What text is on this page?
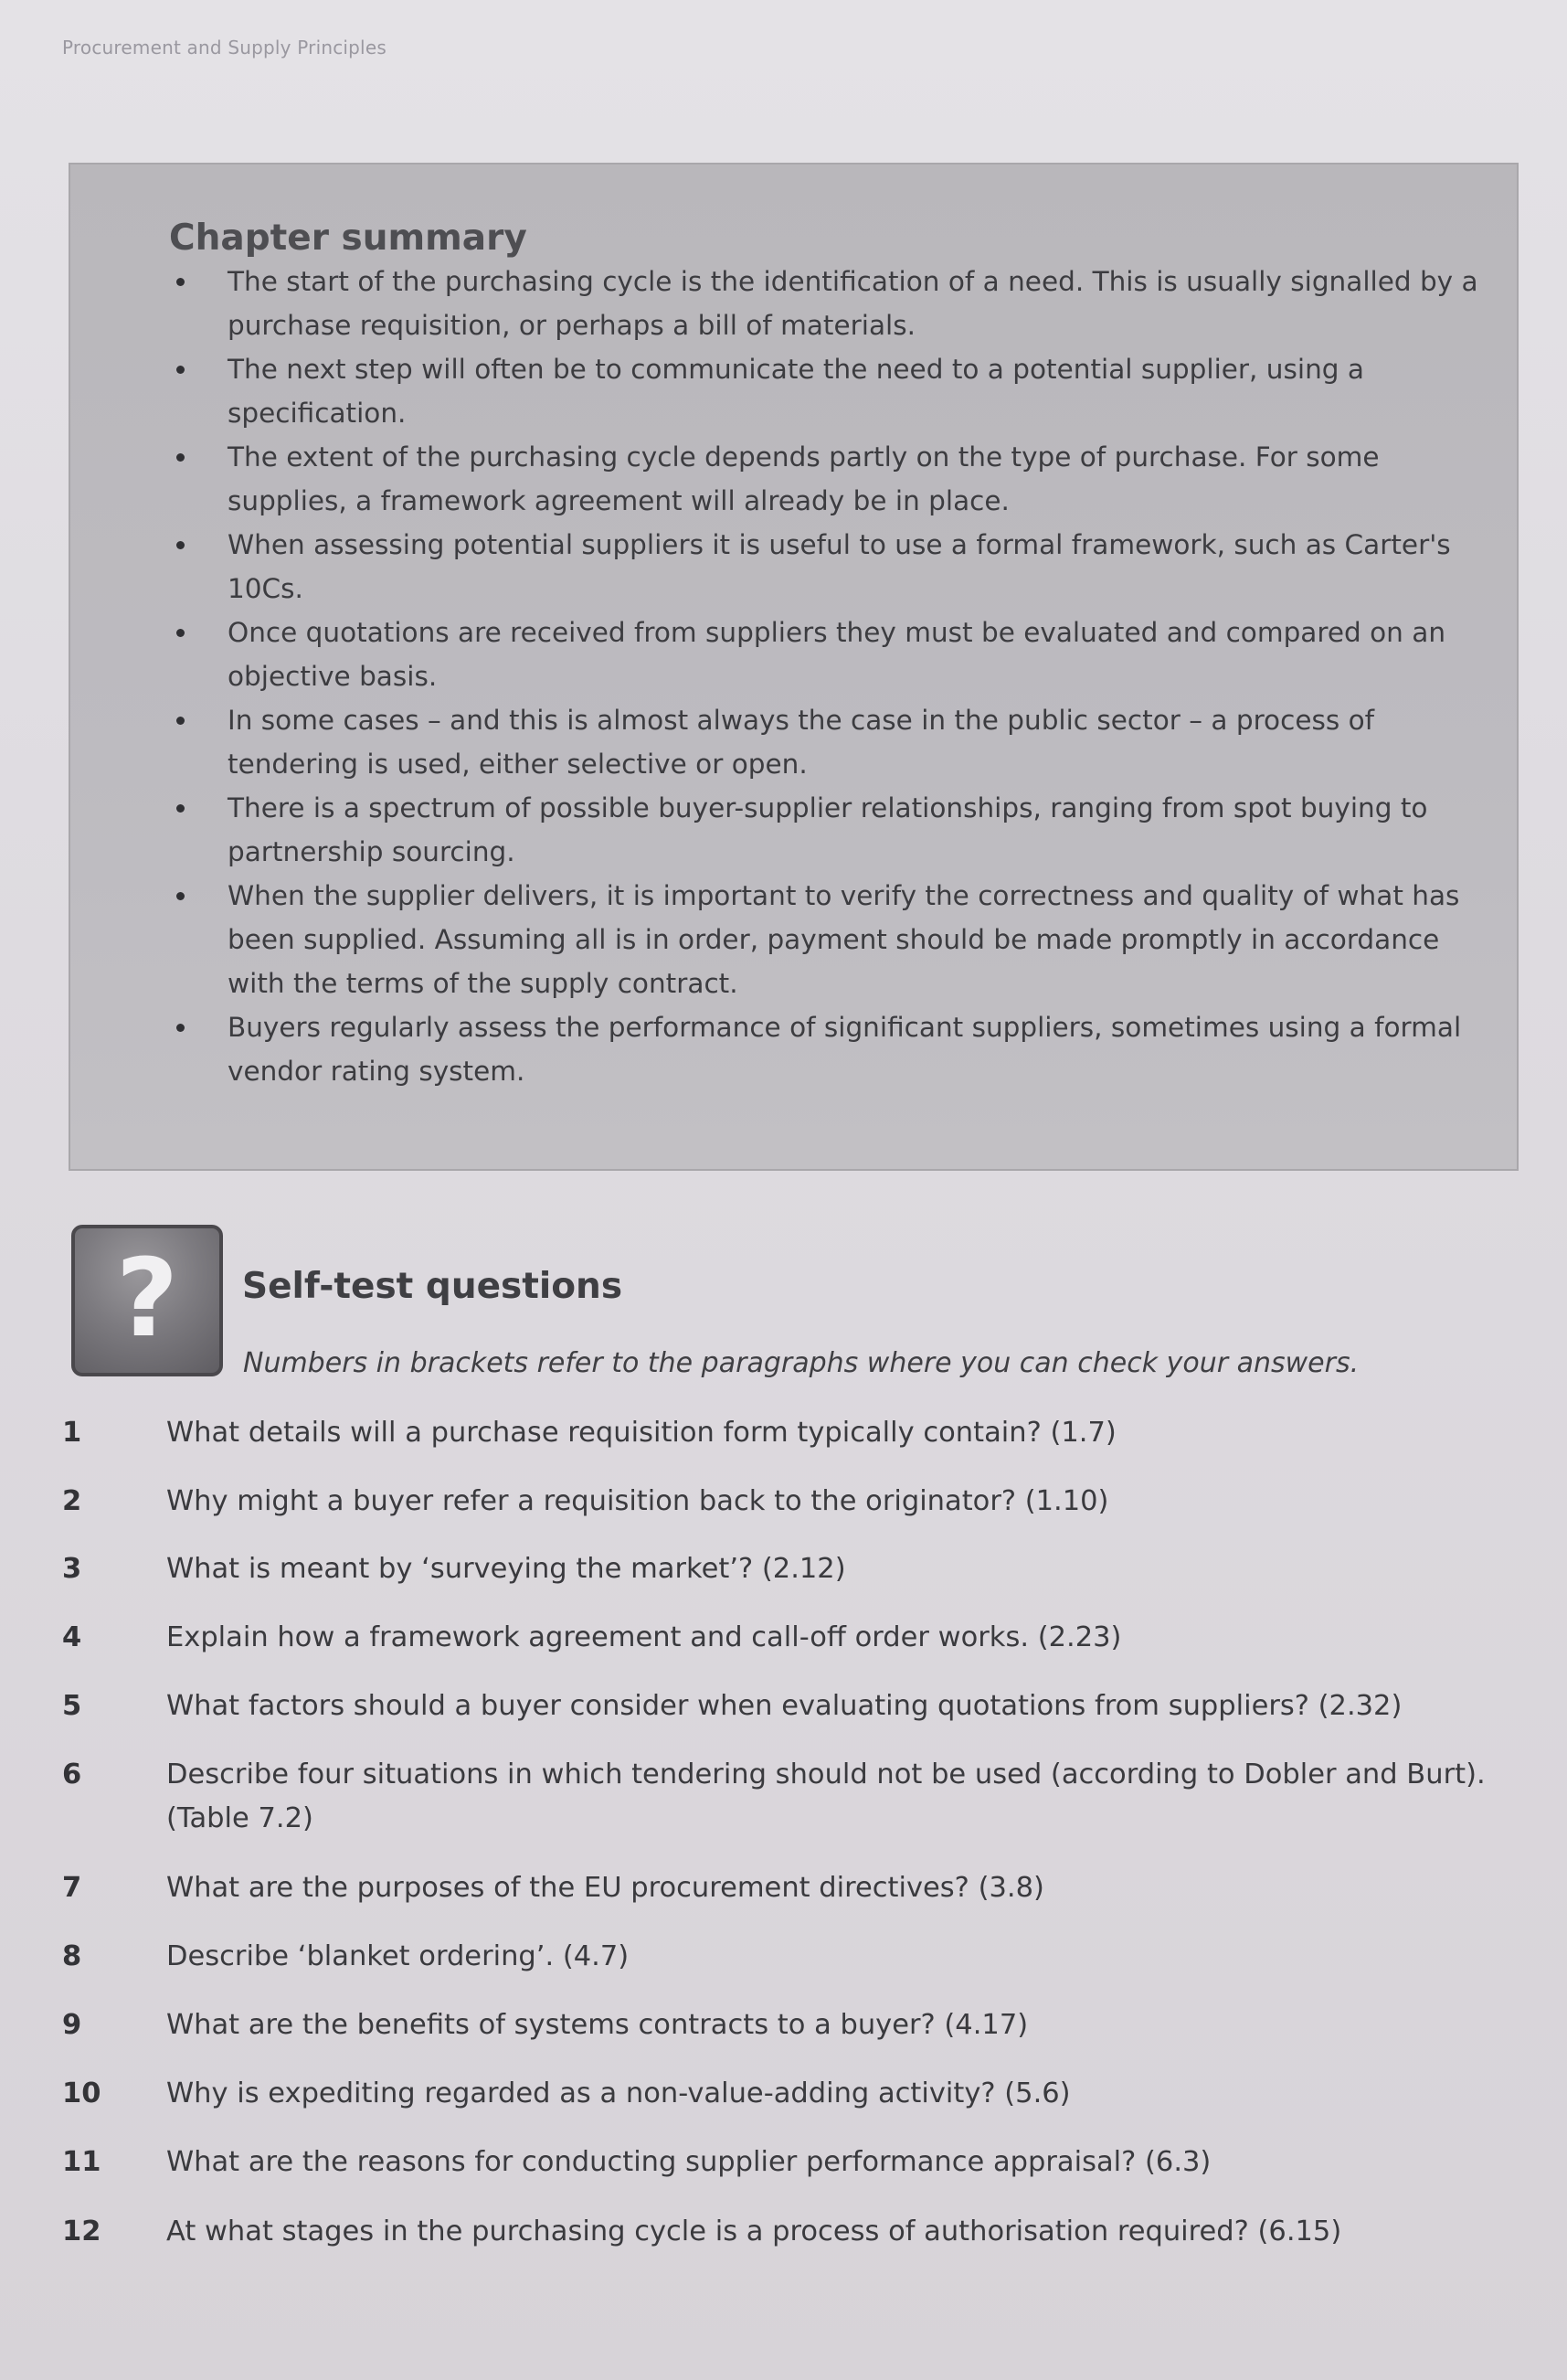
Procurement and Supply Principles
Chapter summary
The start of the purchasing cycle is the identification of a need. This is usually signalled by a purchase requisition, or perhaps a bill of materials.
The next step will often be to communicate the need to a potential supplier, using a specification.
The extent of the purchasing cycle depends partly on the type of purchase. For some supplies, a framework agreement will already be in place.
When assessing potential suppliers it is useful to use a formal framework, such as Carter's 10Cs.
Once quotations are received from suppliers they must be evaluated and compared on an objective basis.
In some cases – and this is almost always the case in the public sector – a process of tendering is used, either selective or open.
There is a spectrum of possible buyer-supplier relationships, ranging from spot buying to partnership sourcing.
When the supplier delivers, it is important to verify the correctness and quality of what has been supplied. Assuming all is in order, payment should be made promptly in accordance with the terms of the supply contract.
Buyers regularly assess the performance of significant suppliers, sometimes using a formal vendor rating system.
? Self-test questions
Numbers in brackets refer to the paragraphs where you can check your answers.
1	What details will a purchase requisition form typically contain? (1.7)
2	Why might a buyer refer a requisition back to the originator? (1.10)
3	What is meant by ‘surveying the market’? (2.12)
4	Explain how a framework agreement and call-off order works. (2.23)
5	What factors should a buyer consider when evaluating quotations from suppliers? (2.32)
6	Describe four situations in which tendering should not be used (according to Dobler and Burt). (Table 7.2)
7	What are the purposes of the EU procurement directives? (3.8)
8	Describe ‘blanket ordering’. (4.7)
9	What are the benefits of systems contracts to a buyer? (4.17)
10 Why is expediting regarded as a non-value-adding activity? (5.6)
11 What are the reasons for conducting supplier performance appraisal? (6.3)
12 At what stages in the purchasing cycle is a process of authorisation required? (6.15)
